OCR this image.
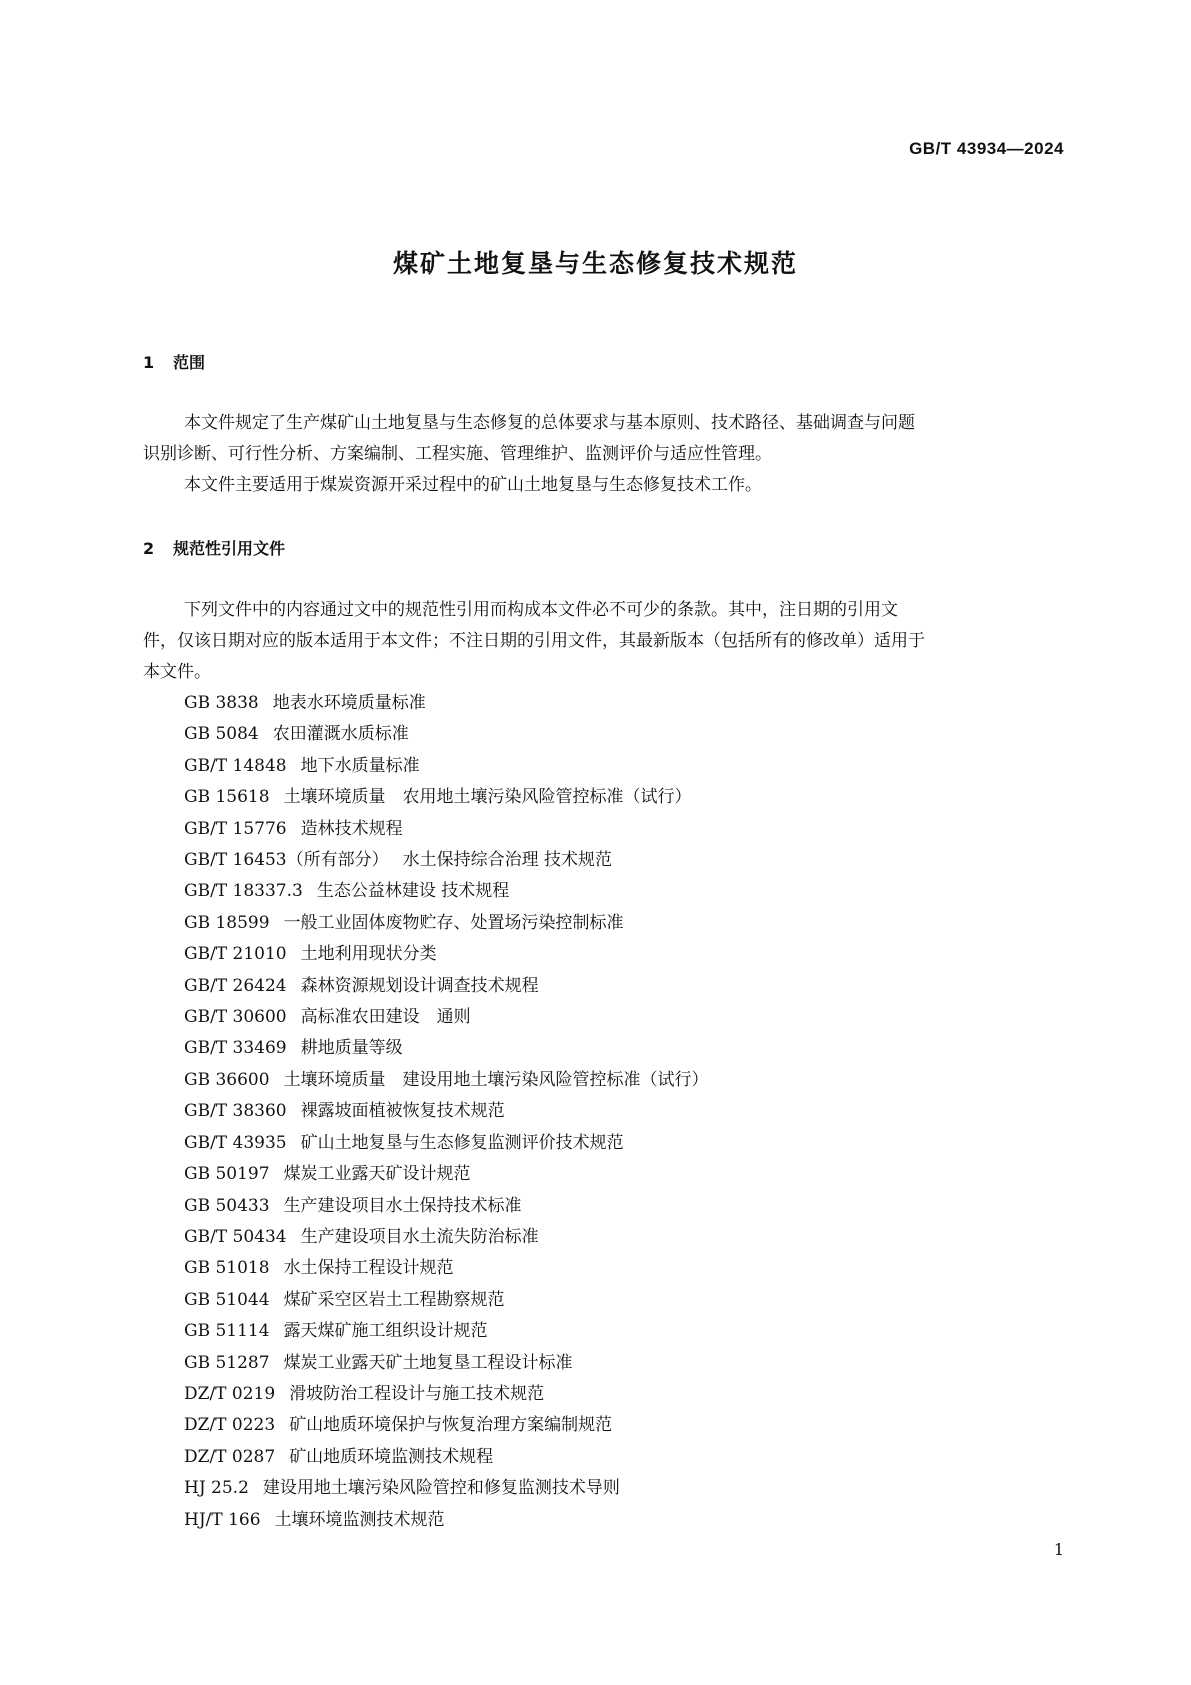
GB/T 43934—2024
煤矿土地复垦与生态修复技术规范
1 范围
本文件规定了生产煤矿山土地复垦与生态修复的总体要求与基本原则、技术路径、基础调查与问题
识别诊断、可行性分析、方案编制、工程实施、管理维护、监测评价与适应性管理。
本文件主要适用于煤炭资源开采过程中的矿山土地复垦与生态修复技术工作。
2 规范性引用文件
下列文件中的内容通过文中的规范性引用而构成本文件必不可少的条款。其中，注日期的引用文
件，仅该日期对应的版本适用于本文件；不注日期的引用文件，其最新版本（包括所有的修改单）适用于
本文件。
GB 3838 地表水环境质量标准
GB 5084 农田灌溉水质标准
GB/T 14848 地下水质量标准
GB 15618 土壤环境质量　农用地土壤污染风险管控标准（试行）
GB/T 15776 造林技术规程
GB/T 16453（所有部分） 水土保持综合治理 技术规范
GB/T 18337.3 生态公益林建设 技术规程
GB 18599 一般工业固体废物贮存、处置场污染控制标准
GB/T 21010 土地利用现状分类
GB/T 26424 森林资源规划设计调查技术规程
GB/T 30600 高标准农田建设　通则
GB/T 33469 耕地质量等级
GB 36600 土壤环境质量　建设用地土壤污染风险管控标准（试行）
GB/T 38360 裸露坡面植被恢复技术规范
GB/T 43935 矿山土地复垦与生态修复监测评价技术规范
GB 50197 煤炭工业露天矿设计规范
GB 50433 生产建设项目水土保持技术标准
GB/T 50434 生产建设项目水土流失防治标准
GB 51018 水土保持工程设计规范
GB 51044 煤矿采空区岩土工程勘察规范
GB 51114 露天煤矿施工组织设计规范
GB 51287 煤炭工业露天矿土地复垦工程设计标准
DZ/T 0219 滑坡防治工程设计与施工技术规范
DZ/T 0223 矿山地质环境保护与恢复治理方案编制规范
DZ/T 0287 矿山地质环境监测技术规程
HJ 25.2 建设用地土壤污染风险管控和修复监测技术导则
HJ/T 166 土壤环境监测技术规范
1
